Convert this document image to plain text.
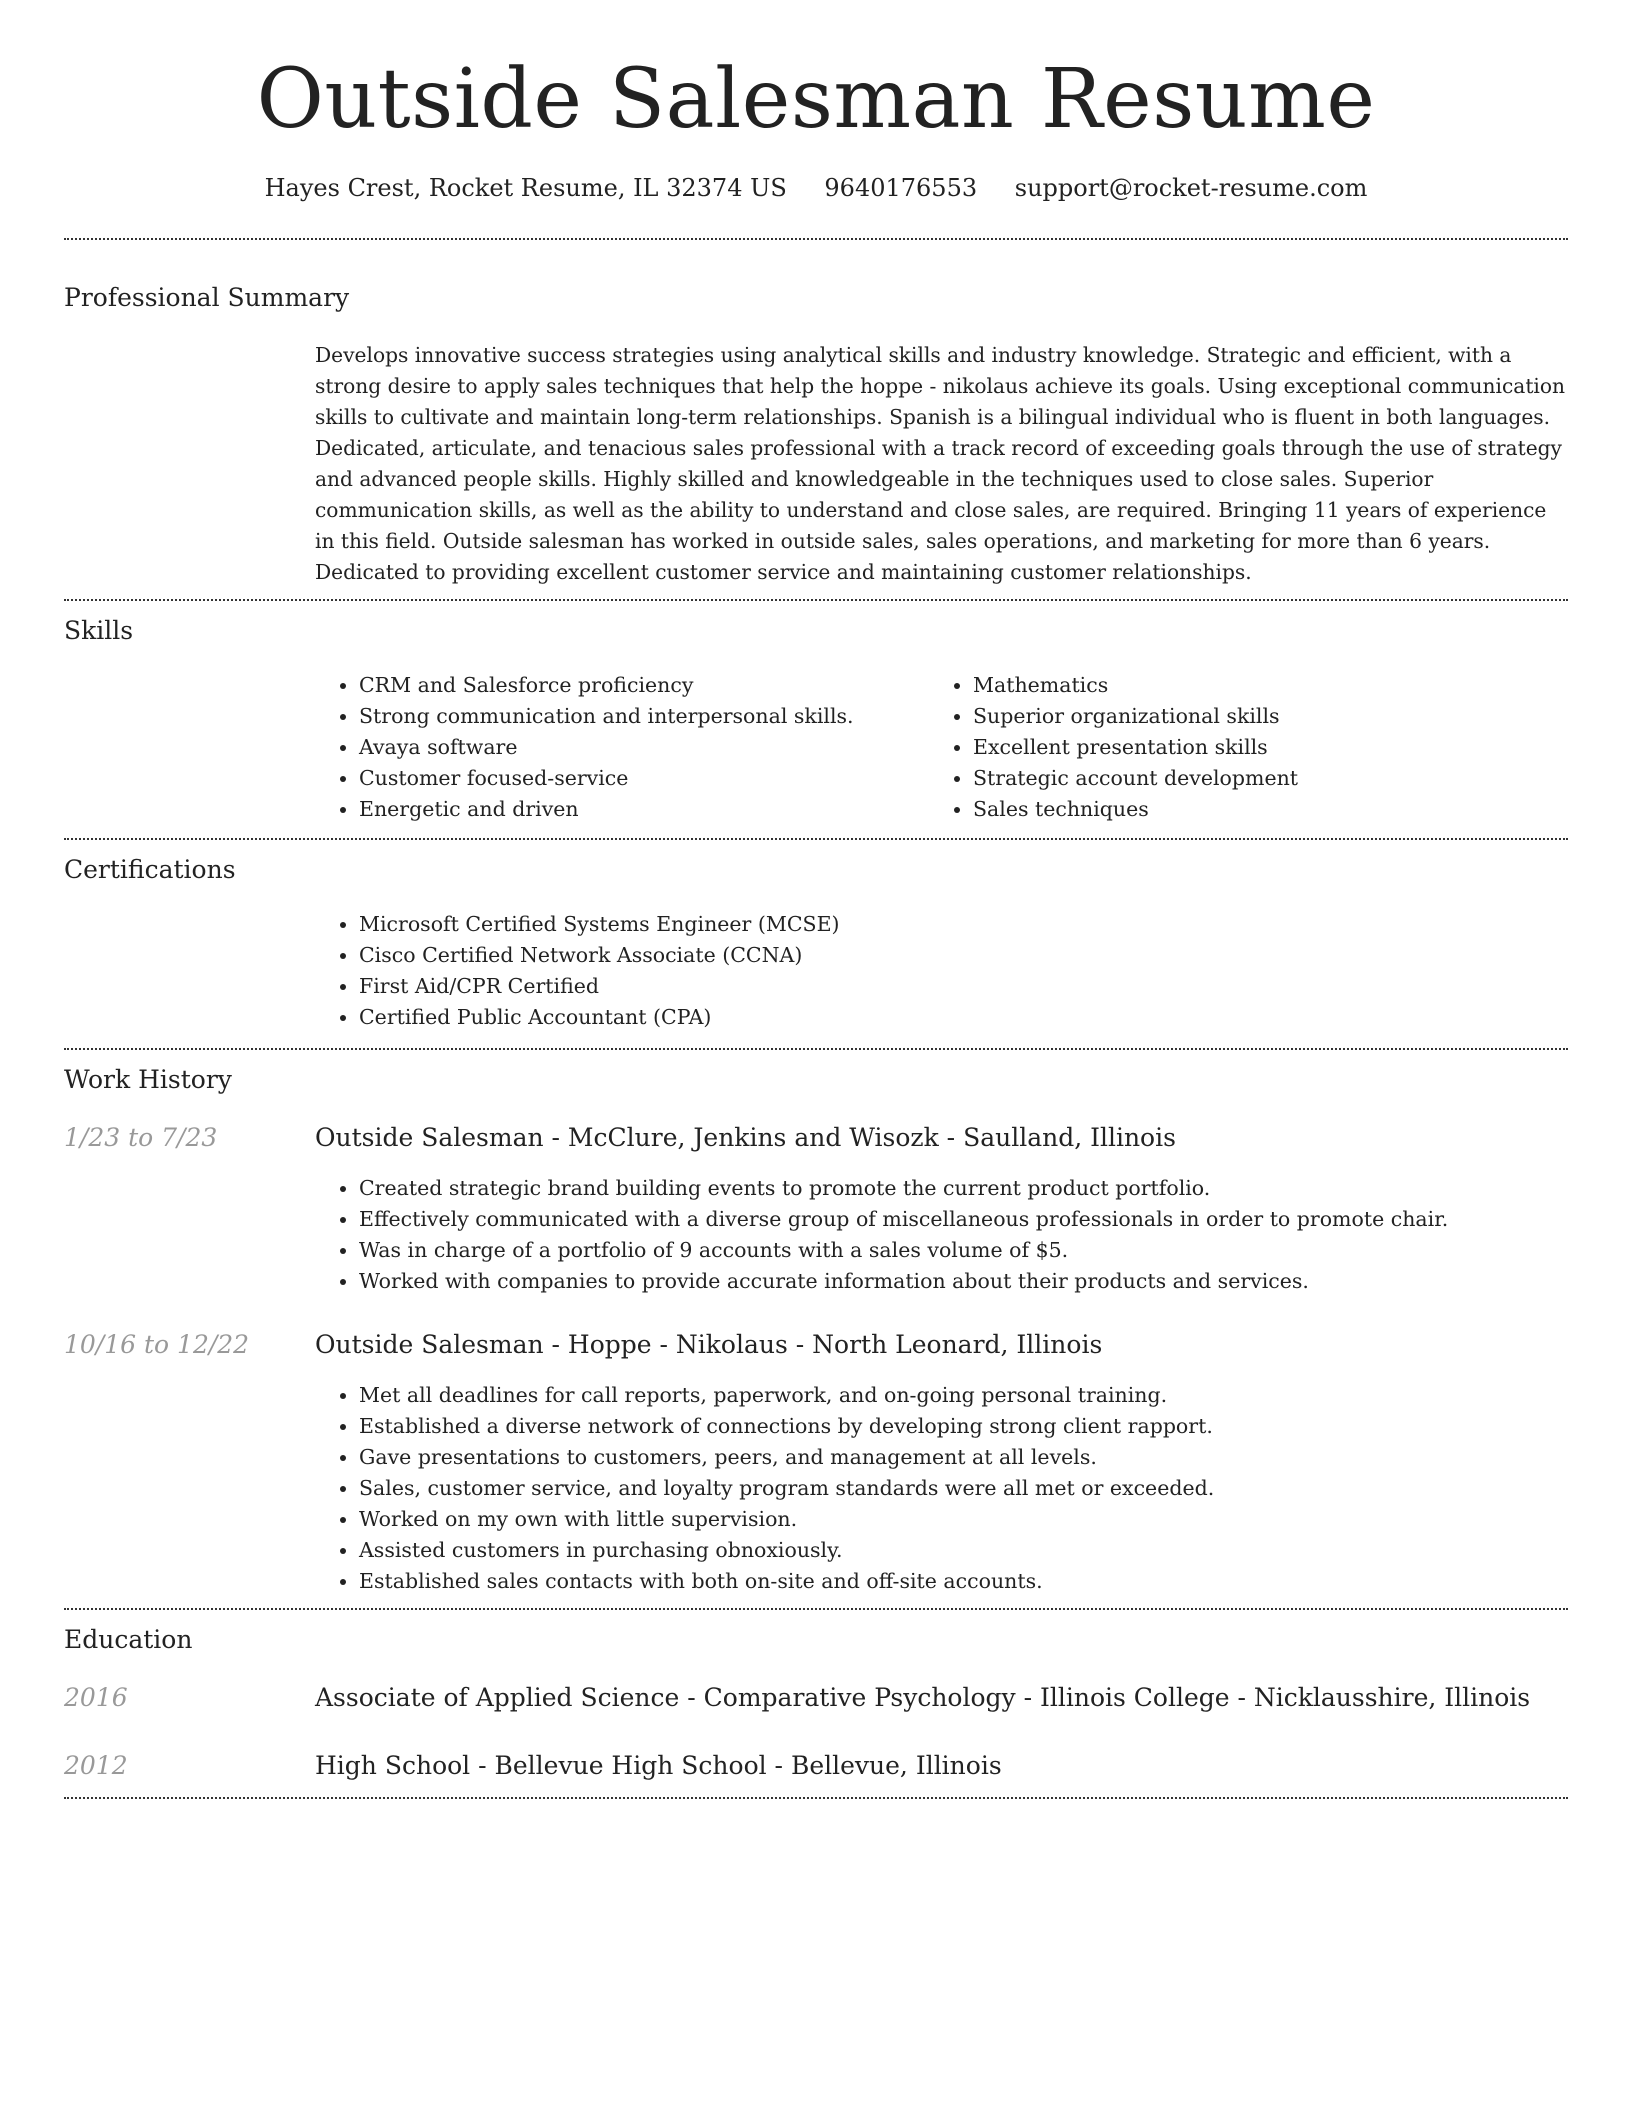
Outside Salesman Resume
Hayes Crest, Rocket Resume, IL 32374 US 9640176553 support@rocket-resume.com
Professional Summary

Develops innovative success strategies using analytical skills and industry knowledge. Strategic and efficient, with a strong desire to apply sales techniques that help the hoppe - nikolaus achieve its goals. Using exceptional communication skills to cultivate and maintain long-term relationships. Spanish is a bilingual individual who is fluent in both languages. Dedicated, articulate, and tenacious sales professional with a track record of exceeding goals through the use of strategy and advanced people skills. Highly skilled and knowledgeable in the techniques used to close sales. Superior communication skills, as well as the ability to understand and close sales, are required. Bringing 11 years of experience in this field. Outside salesman has worked in outside sales, sales operations, and marketing for more than 6 years. Dedicated to providing excellent customer service and maintaining customer relationships.

Skills
• CRM and Salesforce proficiency
• Strong communication and interpersonal skills.
• Avaya software
• Customer focused-service
• Energetic and driven
• Mathematics
• Superior organizational skills
• Excellent presentation skills
• Strategic account development
• Sales techniques
Certifications
• Microsoft Certified Systems Engineer (MCSE)
• Cisco Certified Network Associate (CCNA)
• First Aid/CPR Certified
• Certified Public Accountant (CPA)
Work History
1/23 to 7/23	Outside Salesman - McClure, Jenkins and Wisozk - Saulland, Illinois
• Created strategic brand building events to promote the current product portfolio.
• Effectively communicated with a diverse group of miscellaneous professionals in order to promote chair.
• Was in charge of a portfolio of 9 accounts with a sales volume of $5.
• Worked with companies to provide accurate information about their products and services.
10/16 to 12/22	Outside Salesman - Hoppe - Nikolaus - North Leonard, Illinois
• Met all deadlines for call reports, paperwork, and on-going personal training.
• Established a diverse network of connections by developing strong client rapport.
• Gave presentations to customers, peers, and management at all levels.
• Sales, customer service, and loyalty program standards were all met or exceeded.
• Worked on my own with little supervision.
• Assisted customers in purchasing obnoxiously.
• Established sales contacts with both on-site and off-site accounts.
Education
2016	Associate of Applied Science - Comparative Psychology - Illinois College - Nicklausshire, Illinois
2012	High School - Bellevue High School - Bellevue, Illinois
